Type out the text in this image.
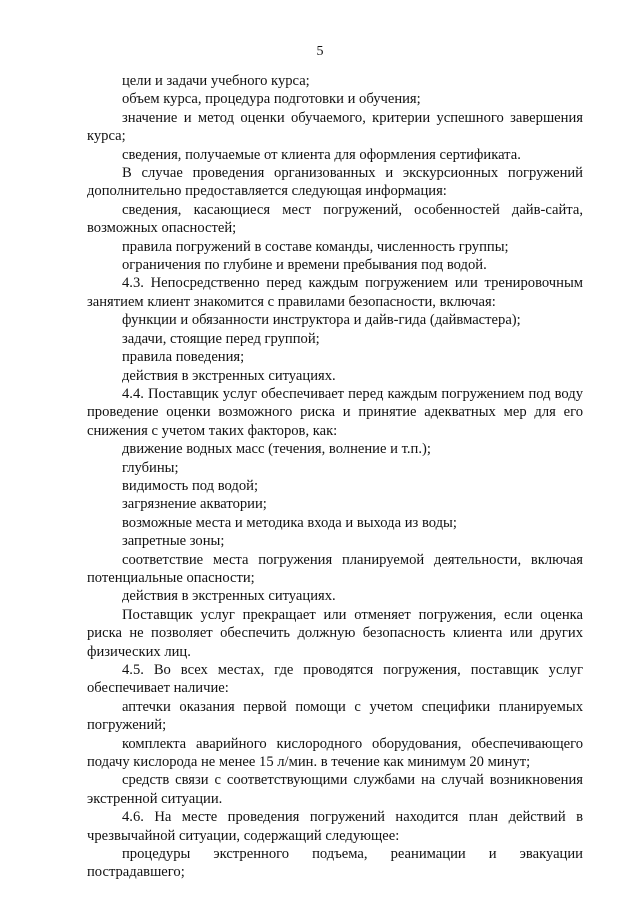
5

цели и задачи учебного курса;

объем курса, процедура подготовки и обучения;

значение и метод оценки обучаемого, критерии успешного завершения курса;

сведения, получаемые от клиента для оформления сертификата.

В случае проведения организованных и экскурсионных погружений дополнительно предоставляется следующая информация:

сведения, касающиеся мест погружений, особенностей дайв-сайта, возможных опасностей;

правила погружений в составе команды, численность группы;

ограничения по глубине и времени пребывания под водой.

4.3. Непосредственно перед каждым погружением или тренировочным занятием клиент знакомится с правилами безопасности, включая:

функции и обязанности инструктора и дайв-гида (дайвмастера);

задачи, стоящие перед группой;

правила поведения;

действия в экстренных ситуациях.

4.4. Поставщик услуг обеспечивает перед каждым погружением под воду проведение оценки возможного риска и принятие адекватных мер для его снижения с учетом таких факторов, как:

движение водных масс (течения, волнение и т.п.);

глубины;

видимость под водой;

загрязнение акватории;

возможные места и методика входа и выхода из воды;

запретные зоны;

соответствие места погружения планируемой деятельности, включая потенциальные опасности;

действия в экстренных ситуациях.

Поставщик услуг прекращает или отменяет погружения, если оценка риска не позволяет обеспечить должную безопасность клиента или других физических лиц.

4.5. Во всех местах, где проводятся погружения, поставщик услуг обеспечивает наличие:

аптечки оказания первой помощи с учетом специфики планируемых погружений;

комплекта аварийного кислородного оборудования, обеспечивающего подачу кислорода не менее 15 л/мин. в течение как минимум 20 минут;

средств связи с соответствующими службами на случай возникновения экстренной ситуации.

4.6. На месте проведения погружений находится план действий в чрезвычайной ситуации, содержащий следующее:

процедуры экстренного подъема, реанимации и эвакуации пострадавшего;
